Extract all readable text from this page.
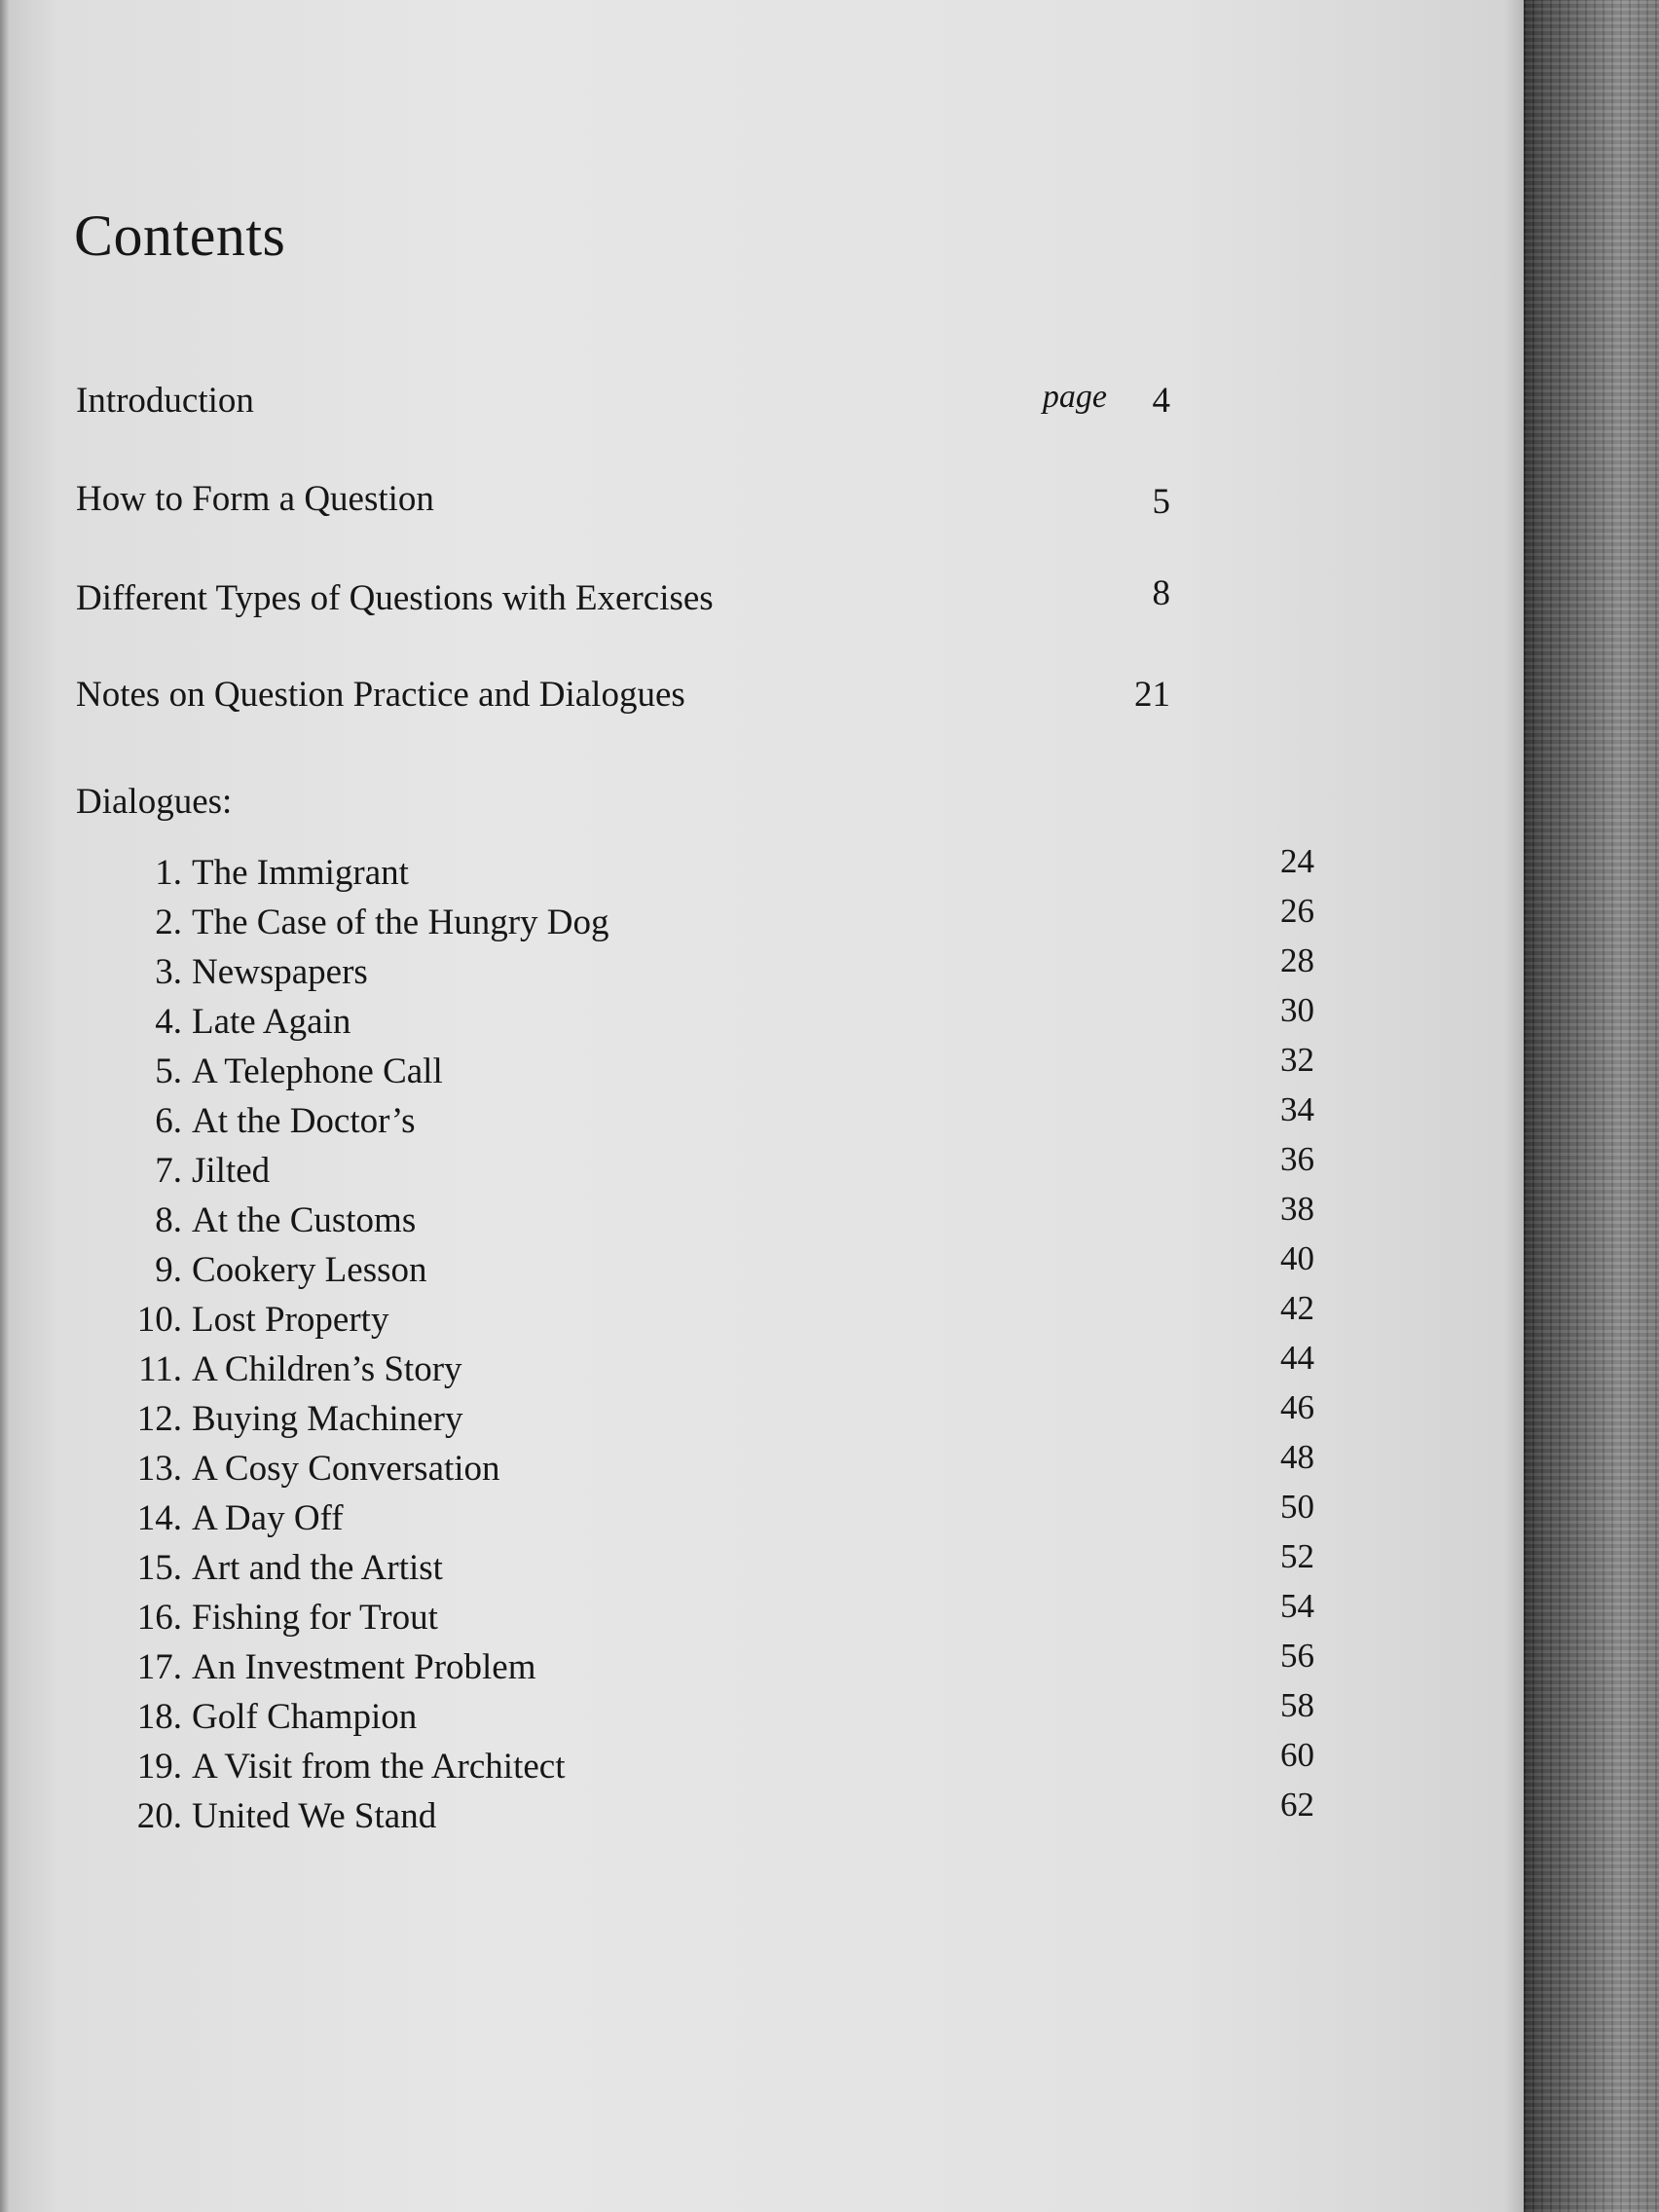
Contents
Introduction	page 4
How to Form a Question	5
Different Types of Questions with Exercises	8
Notes on Question Practice and Dialogues	21
Dialogues:
1. The Immigrant	24
2. The Case of the Hungry Dog	26
3. Newspapers	28
4. Late Again	30
5. A Telephone Call	32
6. At the Doctor’s	34
7. Jilted	36
8. At the Customs	38
9. Cookery Lesson	40
10. Lost Property	42
11. A Children’s Story	44
12. Buying Machinery	46
13. A Cosy Conversation	48
14. A Day Off	50
15. Art and the Artist	52
16. Fishing for Trout	54
17. An Investment Problem	56
18. Golf Champion	58
19. A Visit from the Architect	60
20. United We Stand	62
